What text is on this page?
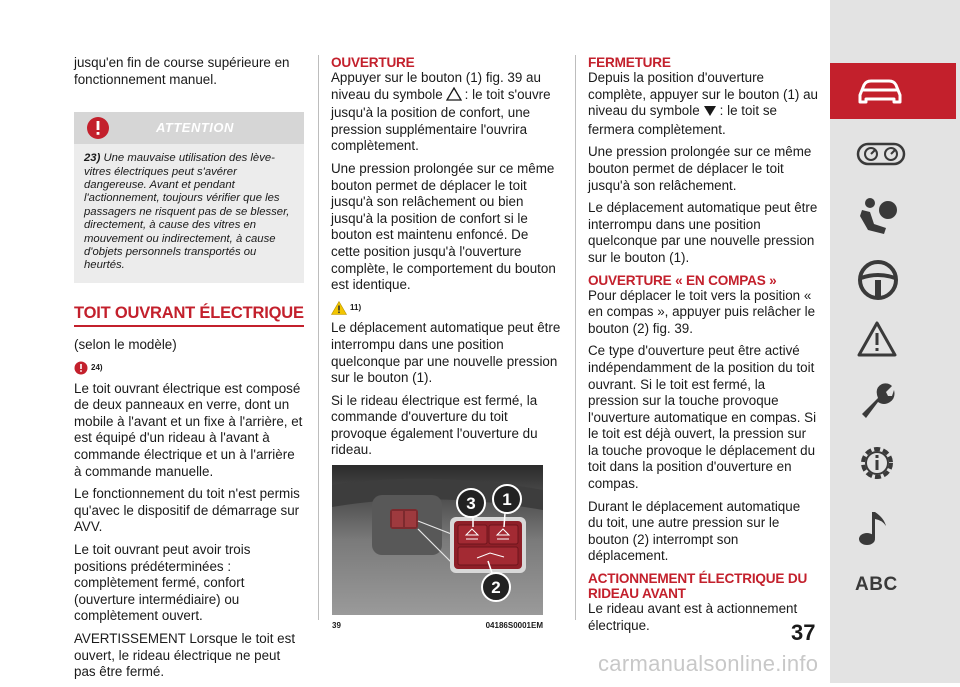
jusqu'en fin de course supérieure en fonctionnement manuel.

ATTENTION
23) Une mauvaise utilisation des lève-vitres électriques peut s'avérer dangereuse. Avant et pendant l'actionnement, toujours vérifier que les passagers ne risquent pas de se blesser, directement, à cause des vitres en mouvement ou indirectement, à cause d'objets personnels transportés ou heurtés.
TOIT OUVRANT ÉLECTRIQUE

(selon le modèle)

24)

Le toit ouvrant électrique est composé de deux panneaux en verre, dont un mobile à l'avant et un fixe à l'arrière, et est équipé d'un rideau à l'avant à commande électrique et un à l'arrière à commande manuelle.

Le fonctionnement du toit n'est permis qu'avec le dispositif de démarrage sur AVV.

Le toit ouvrant peut avoir trois positions prédéterminées : complètement fermé, confort (ouverture intermédiaire) ou complètement ouvert.

AVERTISSEMENT Lorsque le toit est ouvert, le rideau électrique ne peut pas être fermé.

OUVERTURE

Appuyer sur le bouton (1) fig. 39 au niveau du symbole : le toit s'ouvre jusqu'à la position de confort, une pression supplémentaire l'ouvrira complètement.

Une pression prolongée sur ce même bouton permet de déplacer le toit jusqu'à son relâchement ou bien jusqu'à la position de confort si le bouton est maintenu enfoncé. De cette position jusqu'à l'ouverture complète, le comportement du bouton est identique.

11)

Le déplacement automatique peut être interrompu dans une position quelconque par une nouvelle pression sur le bouton (1).

Si le rideau électrique est fermé, la commande d'ouverture du toit provoque également l'ouverture du rideau.

3 1
2
39	04186S0001EM
FERMETURE

Depuis la position d'ouverture complète, appuyer sur le bouton (1) au niveau du symbole : le toit se fermera complètement.

Une pression prolongée sur ce même bouton permet de déplacer le toit jusqu'à son relâchement.

Le déplacement automatique peut être interrompu dans une position quelconque par une nouvelle pression sur le bouton (1).

OUVERTURE « EN COMPAS »

Pour déplacer le toit vers la position « en compas », appuyer puis relâcher le bouton (2) fig. 39.

Ce type d'ouverture peut être activé indépendamment de la position du toit ouvrant. Si le toit est fermé, la pression sur la touche provoque l'ouverture automatique en compas. Si le toit est déjà ouvert, la pression sur la touche provoque le déplacement du toit dans la position d'ouverture en compas.

Durant le déplacement automatique du toit, une autre pression sur le bouton (2) interrompt son déplacement.

ACTIONNEMENT ÉLECTRIQUE DU RIDEAU AVANT

Le rideau avant est à actionnement électrique.

ABC
37
carmanualsonline.info
